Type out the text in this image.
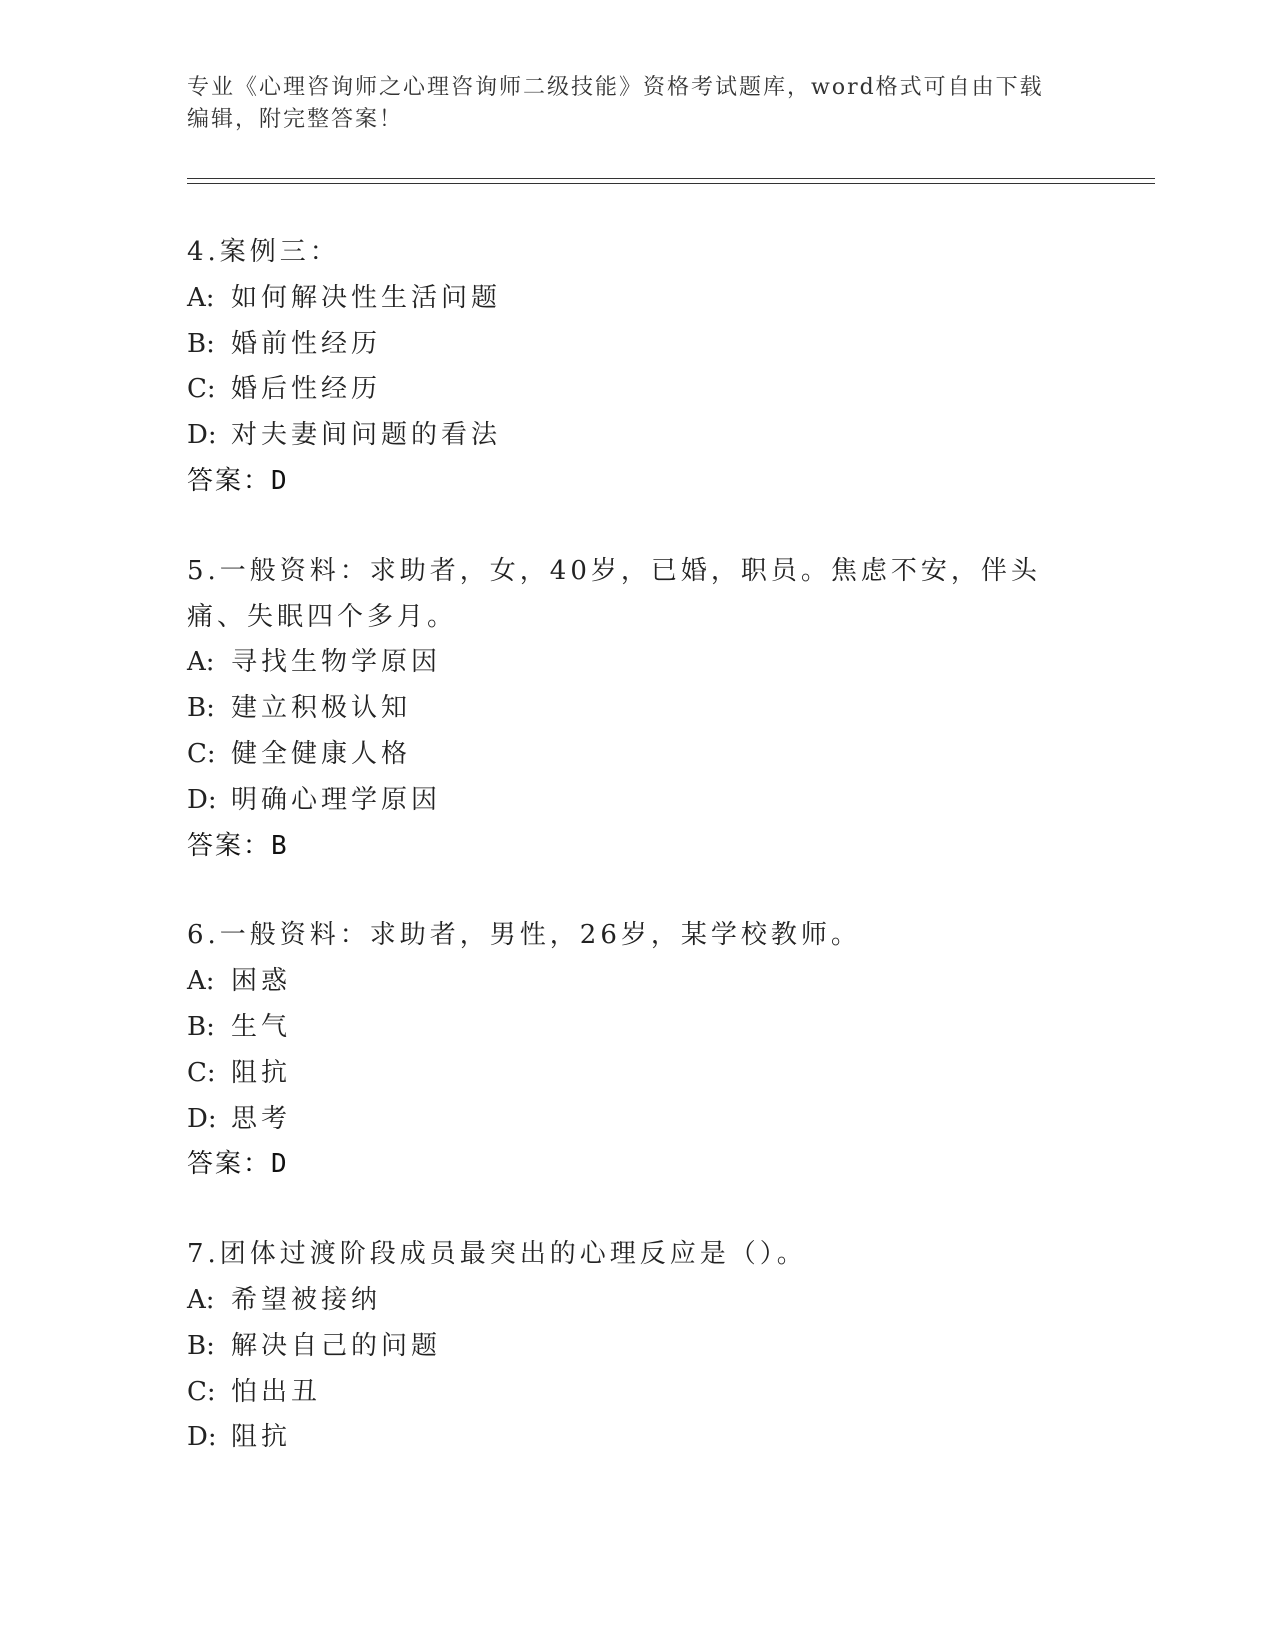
专业《心理咨询师之心理咨询师二级技能》资格考试题库，word格式可自由下载
编辑，附完整答案！
4.案例三：
A: 如何解决性生活问题
B: 婚前性经历
C: 婚后性经历
D: 对夫妻间问题的看法
答案：D
5.一般资料：求助者，女，40岁，已婚，职员。焦虑不安，伴头痛、失眠四个多月。
A: 寻找生物学原因
B: 建立积极认知
C: 健全健康人格
D: 明确心理学原因
答案：B
6.一般资料：求助者，男性，26岁，某学校教师。
A: 困惑
B: 生气
C: 阻抗
D: 思考
答案：D
7.团体过渡阶段成员最突出的心理反应是（）。
A: 希望被接纳
B: 解决自己的问题
C: 怕出丑
D: 阻抗
